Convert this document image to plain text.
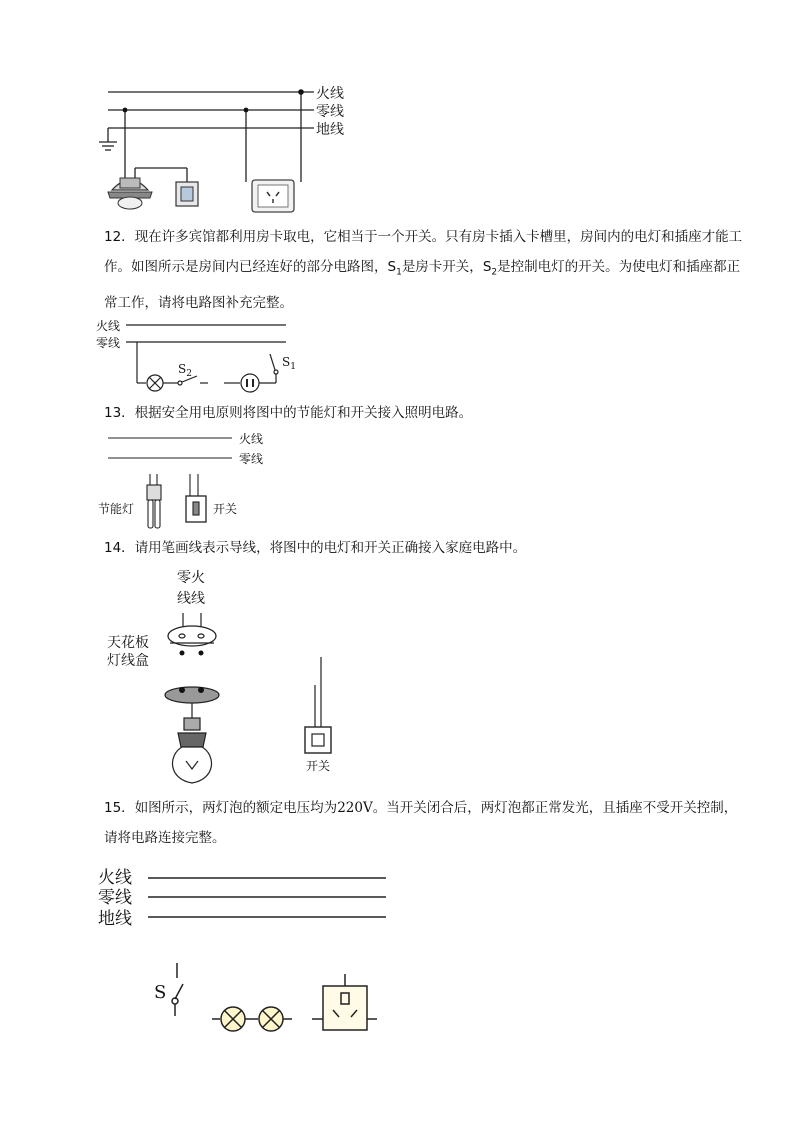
火线
零线
地线
12．现在许多宾馆都利用房卡取电，它相当于一个开关。只有房卡插入卡槽里，房间内的电灯和插座才能工作。如图所示是房间内已经连好的部分电路图，$S_1$是房卡开关，$S_2$是控制电灯的开关。为使电灯和插座都正常工作，请将电路图补充完整。
$S_2$
$S_1$
火线
零线
13．根据安全用电原则将图中的节能灯和开关接入照明电路。
火线
零线
节能灯	开关
14．请用笔画线表示导线，将图中的电灯和开关正确接入家庭电路中。
零火
线线
天花板
灯线盒
开关
15．如图所示，两灯泡的额定电压均为220V。当开关闭合后，两灯泡都正常发光，且插座不受开关控制，请将电路连接完整。
S
火线
零线
地线
